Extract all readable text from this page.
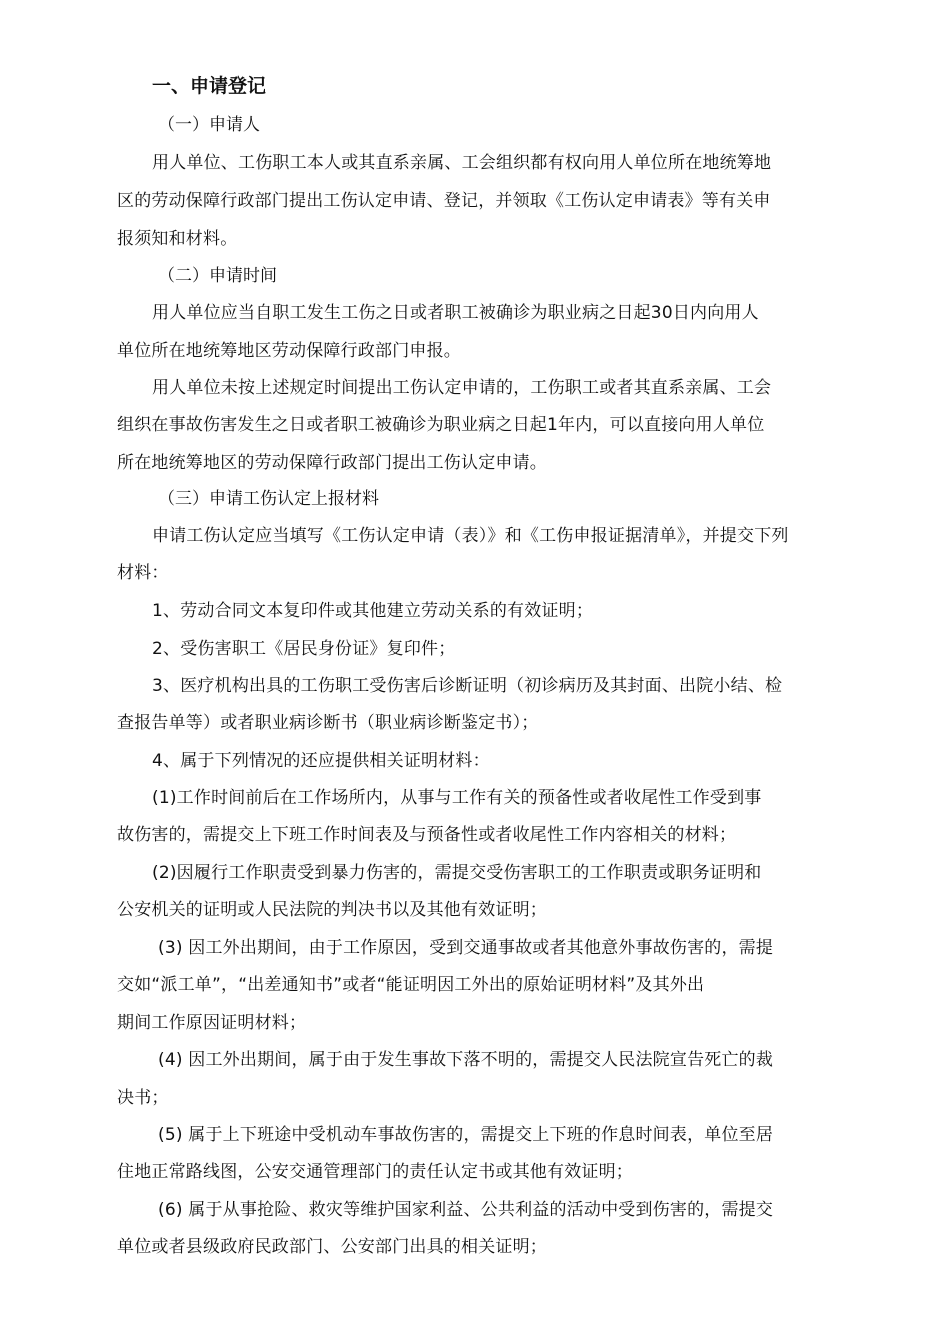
一、申请登记
（一）申请人
用人单位、工伤职工本人或其直系亲属、工会组织都有权向用人单位所在地统筹地
区的劳动保障行政部门提出工伤认定申请、登记，并领取《工伤认定申请表》等有关申
报须知和材料。
（二）申请时间
用人单位应当自职工发生工伤之日或者职工被确诊为职业病之日起30日内向用人
单位所在地统筹地区劳动保障行政部门申报。
用人单位未按上述规定时间提出工伤认定申请的，工伤职工或者其直系亲属、工会
组织在事故伤害发生之日或者职工被确诊为职业病之日起1年内，可以直接向用人单位
所在地统筹地区的劳动保障行政部门提出工伤认定申请。
（三）申请工伤认定上报材料
申请工伤认定应当填写《工伤认定申请（表）》和《工伤申报证据清单》，并提交下列
材料：
1、劳动合同文本复印件或其他建立劳动关系的有效证明；
2、受伤害职工《居民身份证》复印件；
3、医疗机构出具的工伤职工受伤害后诊断证明（初诊病历及其封面、出院小结、检
查报告单等）或者职业病诊断书（职业病诊断鉴定书）；
4、属于下列情况的还应提供相关证明材料：
(1)工作时间前后在工作场所内，从事与工作有关的预备性或者收尾性工作受到事
故伤害的，需提交上下班工作时间表及与预备性或者收尾性工作内容相关的材料；
(2)因履行工作职责受到暴力伤害的，需提交受伤害职工的工作职责或职务证明和
公安机关的证明或人民法院的判决书以及其他有效证明；
(3) 因工外出期间，由于工作原因，受到交通事故或者其他意外事故伤害的，需提
交如“派工单”，“出差通知书”或者“能证明因工外出的原始证明材料”及其外出
期间工作原因证明材料；
(4) 因工外出期间，属于由于发生事故下落不明的，需提交人民法院宣告死亡的裁
决书；
(5) 属于上下班途中受机动车事故伤害的，需提交上下班的作息时间表，单位至居
住地正常路线图，公安交通管理部门的责任认定书或其他有效证明；
(6) 属于从事抢险、救灾等维护国家利益、公共利益的活动中受到伤害的，需提交
单位或者县级政府民政部门、公安部门出具的相关证明；
